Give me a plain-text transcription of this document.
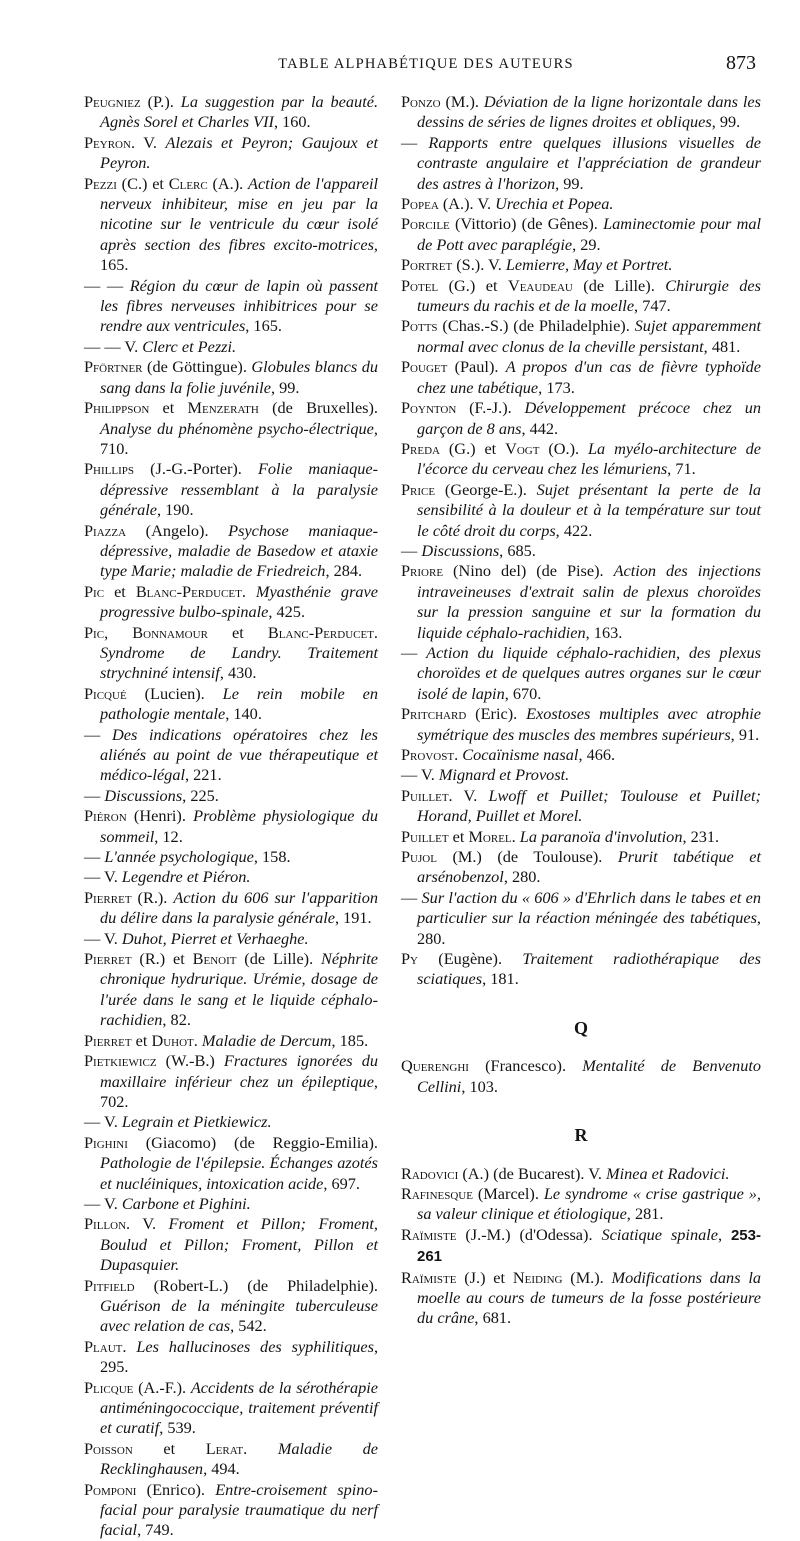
TABLE ALPHABÉTIQUE DES AUTEURS	873

Peugniez (P.). La suggestion par la beauté. Agnès Sorel et Charles VII, 160.

Peyron. V. Alezais et Peyron; Gaujoux et Peyron.

Pezzi (C.) et Clerc (A.). Action de l'appareil nerveux inhibiteur, mise en jeu par la nicotine sur le ventricule du cœur isolé après section des fibres excito-motrices, 165.

— — Région du cœur de lapin où passent les fibres nerveuses inhibitrices pour se rendre aux ventricules, 165.

— — V. Clerc et Pezzi.

Pförtner (de Göttingue). Globules blancs du sang dans la folie juvénile, 99.

Philippson et Menzerath (de Bruxelles). Analyse du phénomène psycho-électrique, 710.

Phillips (J.-G.-Porter). Folie maniaque-dépressive ressemblant à la paralysie générale, 190.

Piazza (Angelo). Psychose maniaque-dépressive, maladie de Basedow et ataxie type Marie; maladie de Friedreich, 284.

Pic et Blanc-Perducet. Myasthénie grave progressive bulbo-spinale, 425.

Pic, Bonnamour et Blanc-Perducet. Syndrome de Landry. Traitement strychniné intensif, 430.

Picqué (Lucien). Le rein mobile en pathologie mentale, 140.

— Des indications opératoires chez les aliénés au point de vue thérapeutique et médico-légal, 221.

— Discussions, 225.

Piéron (Henri). Problème physiologique du sommeil, 12.

— L'année psychologique, 158.

— V. Legendre et Piéron.

Pierret (R.). Action du 606 sur l'apparition du délire dans la paralysie générale, 191.

— V. Duhot, Pierret et Verhaeghe.

Pierret (R.) et Benoit (de Lille). Néphrite chronique hydrurique. Urémie, dosage de l'urée dans le sang et le liquide céphalo-rachidien, 82.

Pierret et Duhot. Maladie de Dercum, 185.

Pietkiewicz (W.-B.) Fractures ignorées du maxillaire inférieur chez un épileptique, 702.

— V. Legrain et Pietkiewicz.

Pighini (Giacomo) (de Reggio-Emilia). Pathologie de l'épilepsie. Échanges azotés et nucléiniques, intoxication acide, 697.

— V. Carbone et Pighini.

Pillon. V. Froment et Pillon; Froment, Boulud et Pillon; Froment, Pillon et Dupasquier.

Pitfield (Robert-L.) (de Philadelphie). Guérison de la méningite tuberculeuse avec relation de cas, 542.

Plaut. Les hallucinoses des syphilitiques, 295.

Plicque (A.-F.). Accidents de la sérothérapie antiméningococcique, traitement préventif et curatif, 539.

Poisson et Lerat. Maladie de Recklinghausen, 494.

Pomponi (Enrico). Entre-croisement spino-facial pour paralysie traumatique du nerf facial, 749.

Ponzo (M.). Déviation de la ligne horizontale dans les dessins de séries de lignes droites et obliques, 99.

— Rapports entre quelques illusions visuelles de contraste angulaire et l'appréciation de grandeur des astres à l'horizon, 99.

Popea (A.). V. Urechia et Popea.

Porcile (Vittorio) (de Gênes). Laminectomie pour mal de Pott avec paraplégie, 29.

Portret (S.). V. Lemierre, May et Portret.

Potel (G.) et Veaudeau (de Lille). Chirurgie des tumeurs du rachis et de la moelle, 747.

Potts (Chas.-S.) (de Philadelphie). Sujet apparemment normal avec clonus de la cheville persistant, 481.

Pouget (Paul). A propos d'un cas de fièvre typhoïde chez une tabétique, 173.

Poynton (F.-J.). Développement précoce chez un garçon de 8 ans, 442.

Preda (G.) et Vogt (O.). La myélo-architecture de l'écorce du cerveau chez les lémuriens, 71.

Price (George-E.). Sujet présentant la perte de la sensibilité à la douleur et à la température sur tout le côté droit du corps, 422.

— Discussions, 685.

Priore (Nino del) (de Pise). Action des injections intraveineuses d'extrait salin de plexus choroïdes sur la pression sanguine et sur la formation du liquide céphalo-rachidien, 163.

— Action du liquide céphalo-rachidien, des plexus choroïdes et de quelques autres organes sur le cœur isolé de lapin, 670.

Pritchard (Eric). Exostoses multiples avec atrophie symétrique des muscles des membres supérieurs, 91.

Provost. Cocaïnisme nasal, 466.

— V. Mignard et Provost.

Puillet. V. Lwoff et Puillet; Toulouse et Puillet; Horand, Puillet et Morel.

Puillet et Morel. La paranoïa d'involution, 231.

Pujol (M.) (de Toulouse). Prurit tabétique et arsénobenzol, 280.

— Sur l'action du « 606 » d'Ehrlich dans le tabes et en particulier sur la réaction méningée des tabétiques, 280.

Py (Eugène). Traitement radiothérapique des sciatiques, 181.

Q

Querenghi (Francesco). Mentalité de Benvenuto Cellini, 103.

R

Radovici (A.) (de Bucarest). V. Minea et Radovici.

Rafinesque (Marcel). Le syndrome « crise gastrique », sa valeur clinique et étiologique, 281.

Raïmiste (J.-M.) (d'Odessa). Sciatique spinale, 253-261

Raïmiste (J.) et Neiding (M.). Modifications dans la moelle au cours de tumeurs de la fosse postérieure du crâne, 681.
